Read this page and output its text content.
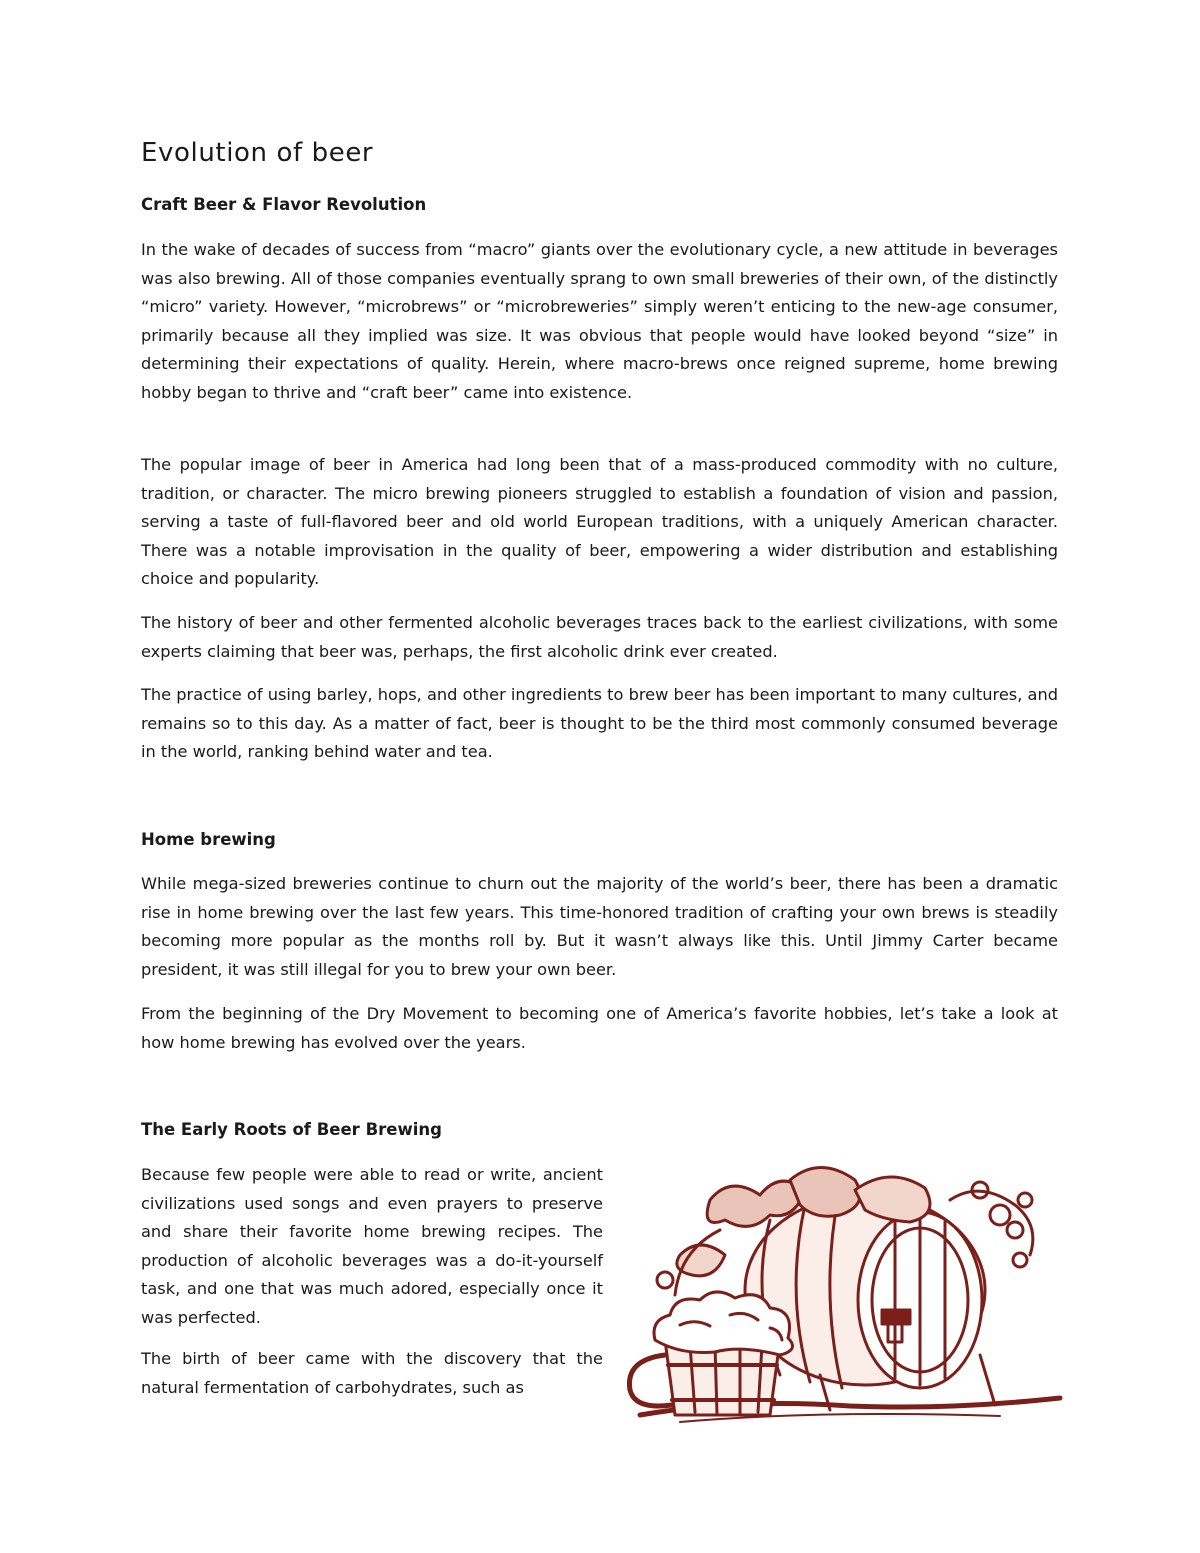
Evolution of beer
Craft Beer & Flavor Revolution

In the wake of decades of success from “macro” giants over the evolutionary cycle, a new attitude in beverages was also brewing. All of those companies eventually sprang to own small breweries of their own, of the distinctly “micro” variety. However, “microbrews” or “microbreweries” simply weren’t enticing to the new-age consumer, primarily because all they implied was size. It was obvious that people would have looked beyond “size” in determining their expectations of quality. Herein, where macro-brews once reigned supreme, home brewing hobby began to thrive and “craft beer” came into existence.

The popular image of beer in America had long been that of a mass-produced commodity with no culture, tradition, or character. The micro brewing pioneers struggled to establish a foundation of vision and passion, serving a taste of full-flavored beer and old world European traditions, with a uniquely American character. There was a notable improvisation in the quality of beer, empowering a wider distribution and establishing choice and popularity.

The history of beer and other fermented alcoholic beverages traces back to the earliest civilizations, with some experts claiming that beer was, perhaps, the first alcoholic drink ever created.

The practice of using barley, hops, and other ingredients to brew beer has been important to many cultures, and remains so to this day. As a matter of fact, beer is thought to be the third most commonly consumed beverage in the world, ranking behind water and tea.

Home brewing

While mega-sized breweries continue to churn out the majority of the world’s beer, there has been a dramatic rise in home brewing over the last few years. This time-honored tradition of crafting your own brews is steadily becoming more popular as the months roll by. But it wasn’t always like this. Until Jimmy Carter became president, it was still illegal for you to brew your own beer.

From the beginning of the Dry Movement to becoming one of America’s favorite hobbies, let’s take a look at how home brewing has evolved over the years.

The Early Roots of Beer Brewing

Because few people were able to read or write, ancient civilizations used songs and even prayers to preserve and share their favorite home brewing recipes. The production of alcoholic beverages was a do-it-yourself task, and one that was much adored, especially once it was perfected.

The birth of beer came with the discovery that the natural fermentation of carbohydrates, such as
